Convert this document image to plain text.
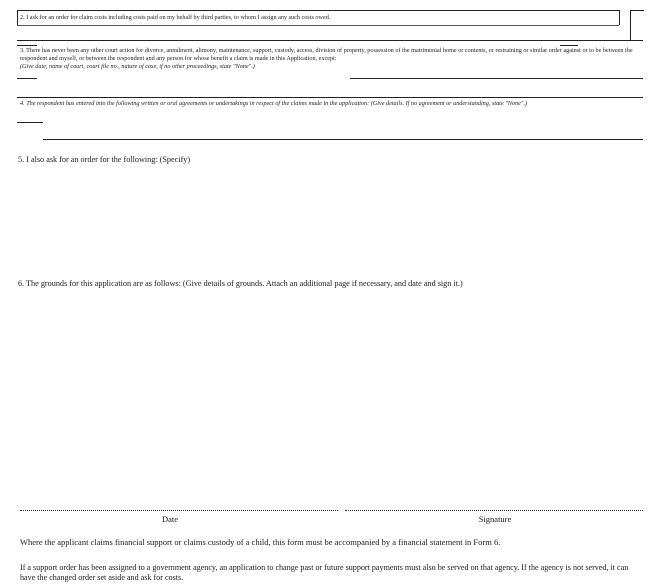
2. I ask for an order for claim costs including costs paid on my behalf by third parties, to whom I assign any such costs owed.
3. There has never been any other court action for divorce, annulment, alimony, maintenance, support, custody, access, division of property, possession of the matrimonial home or contents, or restraining or similar order against or to be between the respondent and myself, or between the respondent and any person for whose benefit a claim is made in this Application, except:
(Give date, name of court, court file no., nature of case, if no other proceedings, state "None".)
4. The respondent has entered into the following written or oral agreements or undertakings in respect of the claims made in the application: (Give details. If no agreement or understanding, state "None".)
5. I also ask for an order for the following: (Specify)
6. The grounds for this application are as follows: (Give details of grounds. Attach an additional page if necessary, and date and sign it.)
Date	Signature
Where the applicant claims financial support or claims custody of a child, this form must be accompanied by a financial statement in Form 6.
If a support order has been assigned to a government agency, an application to change past or future support payments must also be served on that agency. If the agency is not served, it can have the changed order set aside and ask for costs.
